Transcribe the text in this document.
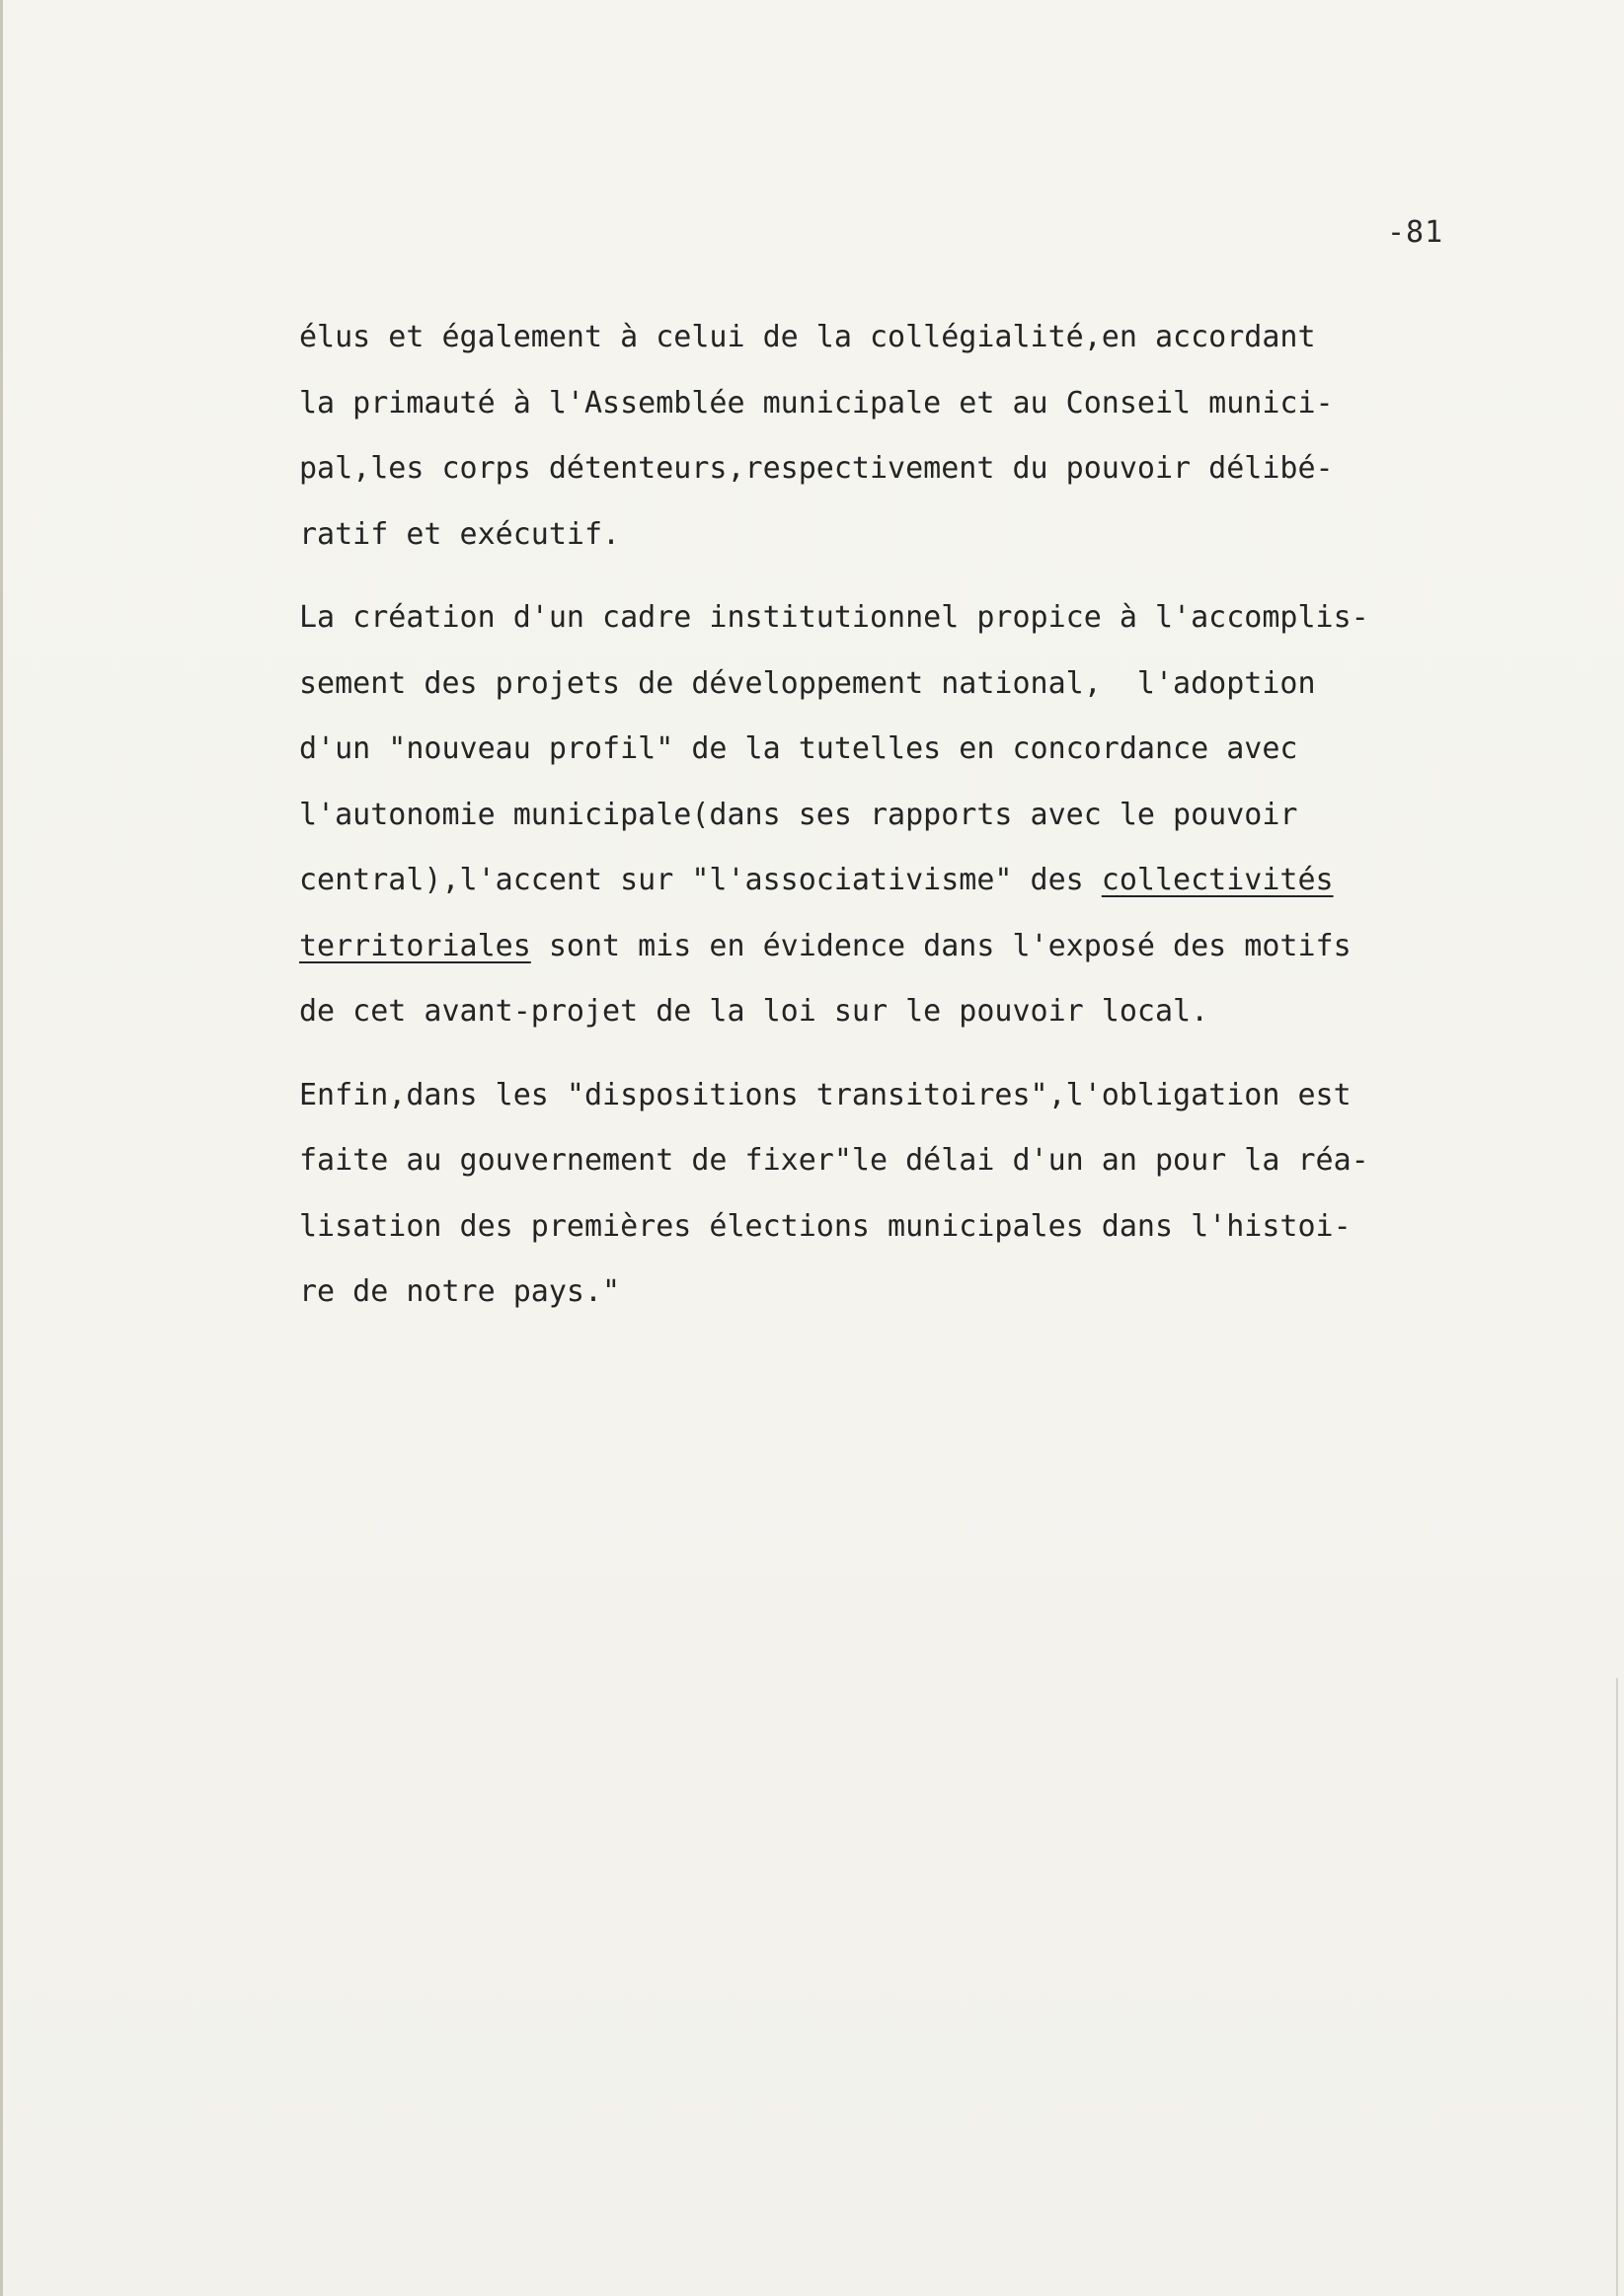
-81
élus et également à celui de la collégialité,en accordant
la primauté à l'Assemblée municipale et au Conseil munici-
pal,les corps détenteurs,respectivement du pouvoir délibé-
ratif et exécutif.
La création d'un cadre institutionnel propice à l'accomplis-
sement des projets de développement national,  l'adoption
d'un "nouveau profil" de la tutelles en concordance avec
l'autonomie municipale(dans ses rapports avec le pouvoir
central),l'accent sur "l'associativisme" des collectivités
territoriales sont mis en évidence dans l'exposé des motifs
de cet avant-projet de la loi sur le pouvoir local.
Enfin,dans les "dispositions transitoires",l'obligation est
faite au gouvernement de fixer"le délai d'un an pour la réa-
lisation des premières élections municipales dans l'histoi-
re de notre pays."
